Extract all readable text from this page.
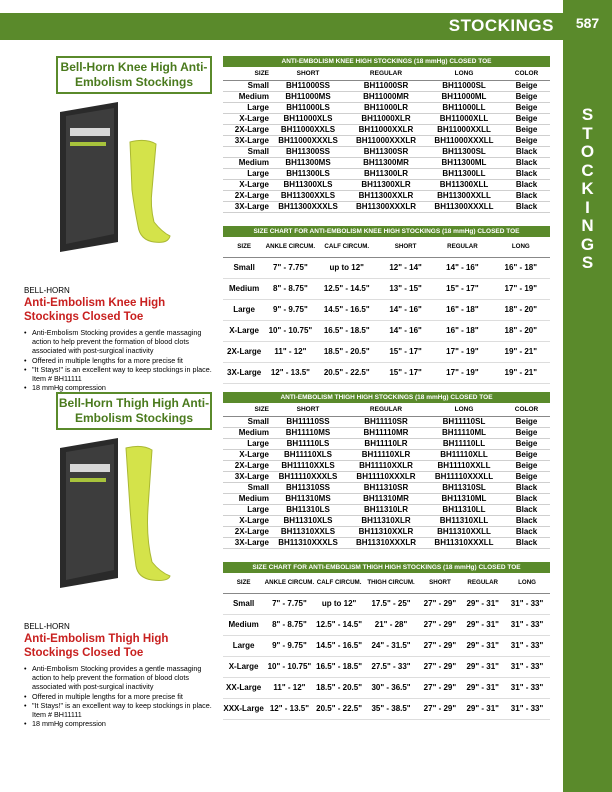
STOCKINGS	587
S
T
O
C
K
I
N
G
S
Bell-Horn Knee High Anti-Embolism Stockings
BELL-HORN
Anti-Embolism Knee High Stockings Closed Toe
• Anti-Embolism Stocking provides a gentle massaging action to help prevent the formation of blood clots associated with post-surgical inactivity
• Offered in multiple lengths for a more precise fit
• "It Stays!" is an excellent way to keep stockings in place. Item # BH11111
• 18 mmHg compression
ANTI-EMBOLISM KNEE HIGH STOCKINGS (18 mmHg) CLOSED TOE				
SIZE	SHORT	REGULAR	LONG	COLOR
Small	BH11000SS	BH11000SR	BH11000SL	Beige
Medium	BH11000MS	BH11000MR	BH11000ML	Beige
Large	BH11000LS	BH11000LR	BH11000LL	Beige
X-Large	BH11000XLS	BH11000XLR	BH11000XLL	Beige
2X-Large	BH11000XXLS	BH11000XXLR	BH11000XXLL	Beige
3X-Large	BH11000XXXLS	BH11000XXXLR	BH11000XXXLL	Beige
Small	BH11300SS	BH11300SR	BH11300SL	Black
Medium	BH11300MS	BH11300MR	BH11300ML	Black
Large	BH11300LS	BH11300LR	BH11300LL	Black
X-Large	BH11300XLS	BH11300XLR	BH11300XLL	Black
2X-Large	BH11300XXLS	BH11300XXLR	BH11300XXLL	Black
3X-Large	BH11300XXXLS	BH11300XXXLR	BH11300XXXLL	Black
SIZE CHART FOR ANTI-EMBOLISM KNEE HIGH STOCKINGS (18 mmHg) CLOSED TOE					
SIZE	ANKLE CIRCUM.	CALF CIRCUM.	SHORT	REGULAR	LONG
Small	7" - 7.75"	up to 12"	12" - 14"	14" - 16"	16" - 18"
Medium	8" - 8.75"	12.5" - 14.5"	13" - 15"	15" - 17"	17" - 19"
Large	9" - 9.75"	14.5" - 16.5"	14" - 16"	16" - 18"	18" - 20"
X-Large	10" - 10.75"	16.5" - 18.5"	14" - 16"	16" - 18"	18" - 20"
2X-Large	11" - 12"	18.5" - 20.5"	15" - 17"	17" - 19"	19" - 21"
3X-Large	12" - 13.5"	20.5" - 22.5"	15" - 17"	17" - 19"	19" - 21"
Bell-Horn Thigh High Anti-Embolism Stockings
BELL-HORN
Anti-Embolism Thigh High Stockings Closed Toe
• Anti-Embolism Stocking provides a gentle massaging action to help prevent the formation of blood clots associated with post-surgical inactivity
• Offered in multiple lengths for a more precise fit
• "It Stays!" is an excellent way to keep stockings in place. Item # BH11111
• 18 mmHg compression
ANTI-EMBOLISM THIGH HIGH STOCKINGS (18 mmHg) CLOSED TOE				
SIZE	SHORT	REGULAR	LONG	COLOR
Small	BH11110SS	BH11110SR	BH11110SL	Beige
Medium	BH11110MS	BH11110MR	BH11110ML	Beige
Large	BH11110LS	BH11110LR	BH11110LL	Beige
X-Large	BH11110XLS	BH11110XLR	BH11110XLL	Beige
2X-Large	BH11110XXLS	BH11110XXLR	BH11110XXLL	Beige
3X-Large	BH11110XXXLS	BH11110XXXLR	BH11110XXXLL	Beige
Small	BH11310SS	BH11310SR	BH11310SL	Black
Medium	BH11310MS	BH11310MR	BH11310ML	Black
Large	BH11310LS	BH11310LR	BH11310LL	Black
X-Large	BH11310XLS	BH11310XLR	BH11310XLL	Black
2X-Large	BH11310XXLS	BH11310XXLR	BH11310XXLL	Black
3X-Large	BH11310XXXLS	BH11310XXXLR	BH11310XXXLL	Black
SIZE CHART FOR ANTI-EMBOLISM THIGH HIGH STOCKINGS (18 mmHg) CLOSED TOE						
SIZE	ANKLE CIRCUM.	CALF CIRCUM.	THIGH CIRCUM.	SHORT	REGULAR	LONG
Small	7" - 7.75"	up to 12"	17.5" - 25"	27" - 29"	29" - 31"	31" - 33"
Medium	8" - 8.75"	12.5" - 14.5"	21" - 28"	27" - 29"	29" - 31"	31" - 33"
Large	9" - 9.75"	14.5" - 16.5"	24" - 31.5"	27" - 29"	29" - 31"	31" - 33"
X-Large	10" - 10.75"	16.5" - 18.5"	27.5" - 33"	27" - 29"	29" - 31"	31" - 33"
XX-Large	11" - 12"	18.5" - 20.5"	30" - 36.5"	27" - 29"	29" - 31"	31" - 33"
XXX-Large	12" - 13.5"	20.5" - 22.5"	35" - 38.5"	27" - 29"	29" - 31"	31" - 33"
